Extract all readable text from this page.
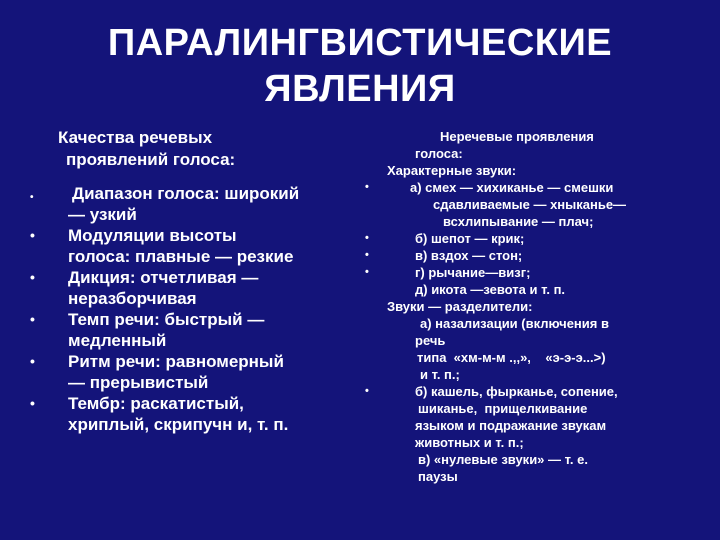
ПАРАЛИНГВИСТИЧЕСКИЕ
ЯВЛЕНИЯ
Качества речевых
проявлений голоса:
• Диапазон голоса: широкий
— узкий
• Модуляции высоты
голоса: плавные — резкие
• Дикция: отчетливая —
неразборчивая
• Темп речи: быстрый —
медленный
• Ритм речи: равномерный
— прерывистый
• Тембр: раскатистый,
хриплый, скрипучн и, т. п.
Неречевые проявления
голоса:
Характерные звуки:
•	а) смех — хихиканье — смешки
сдавливаемые — хныканье—
всхлипывание — плач;
•	б) шепот — крик;
•	в) вздох — стон;
•	г) рычание—визг;
д) икота —зевота и т. п.
Звуки — разделители:
а) назализации (включения в
речь
типа  «хм-м-м .,,»,    «э-э-э...>)
и т. п.;
•	б) кашель, фырканье, сопение,
шиканье,  прищелкивание
языком и подражание звукам
животных и т. п.;
в) «нулевые звуки» — т. е.
паузы
